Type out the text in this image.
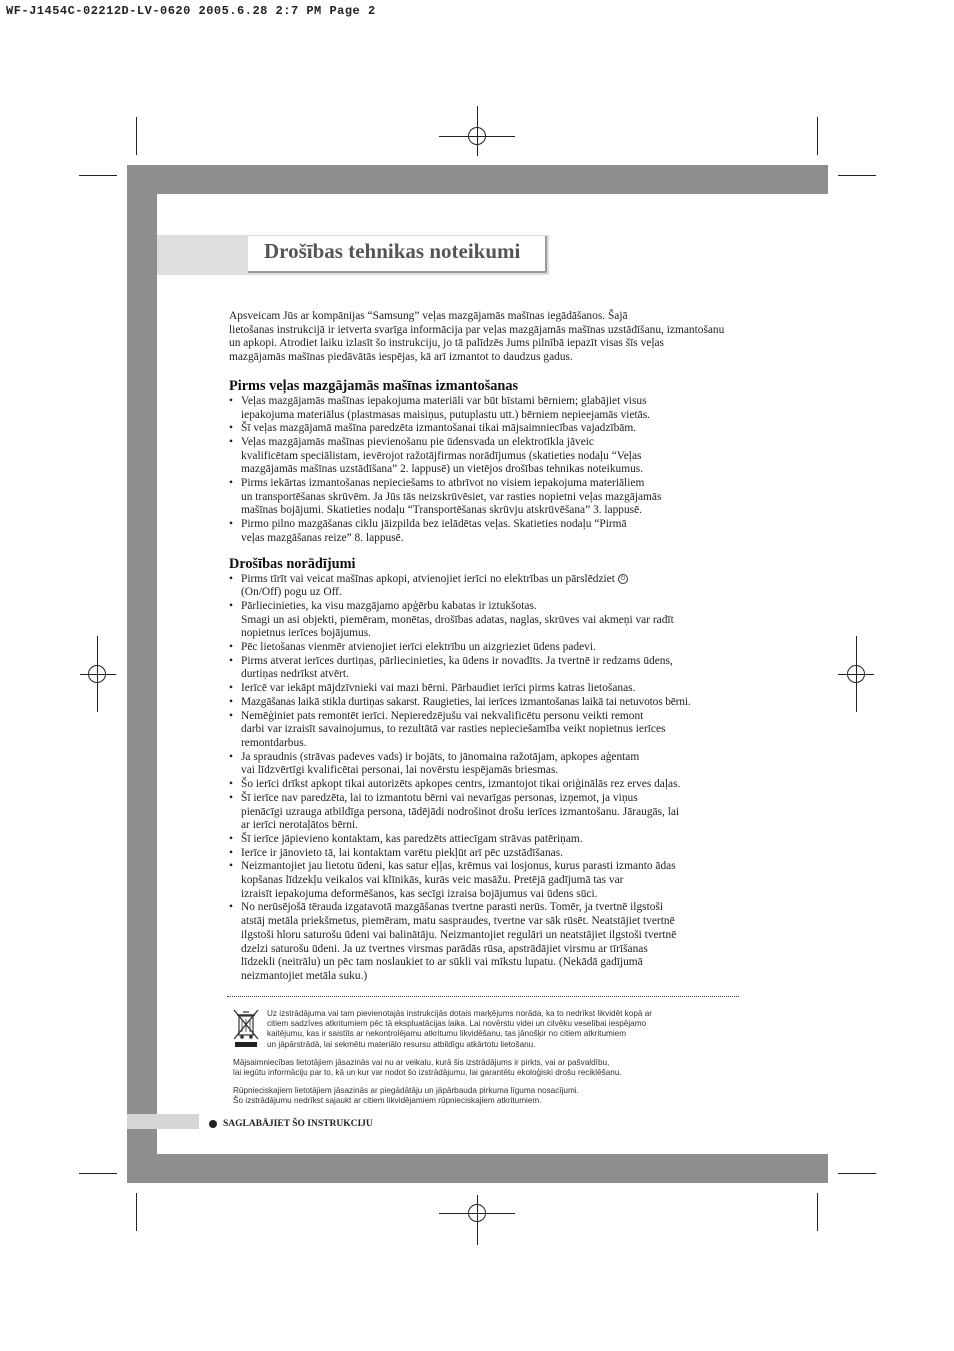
WF-J1454C-02212D-LV-0620 2005.6.28 2:7 PM Page 2
Drošības tehnikas noteikumi

Apsveicam Jūs ar kompānijas “Samsung” veļas mazgājamās mašīnas iegādāšanos. Šajā
lietošanas instrukcijā ir ietverta svarīga informācija par veļas mazgājamās mašīnas uzstādīšanu, izmantošanu
un apkopi. Atrodiet laiku izlasīt šo instrukciju, jo tā palīdzēs Jums pilnībā iepazīt visas šīs veļas
mazgājamās mašīnas piedāvātās iespējas, kā arī izmantot to daudzus gadus.

Pirms veļas mazgājamās mašīnas izmantošanas
• Veļas mazgājamās mašīnas iepakojuma materiāli var būt bīstami bērniem; glabājiet visus
iepakojuma materiālus (plastmasas maisiņus, putuplastu utt.) bērniem nepieejamās vietās.
• Šī veļas mazgājamā mašīna paredzēta izmantošanai tikai mājsaimniecības vajadzībām.
• Veļas mazgājamās mašīnas pievienošanu pie ūdensvada un elektrotīkla jāveic
kvalificētam speciālistam, ievērojot ražotājfirmas norādījumus (skatieties nodaļu “Veļas
mazgājamās mašīnas uzstādīšana” 2. lappusē) un vietējos drošības tehnikas noteikumus.
• Pirms iekārtas izmantošanas nepieciešams to atbrīvot no visiem iepakojuma materiāliem
un transportēšanas skrūvēm. Ja Jūs tās neizskrūvēsiet, var rasties nopietni veļas mazgājamās
mašīnas bojājumi. Skatieties nodaļu “Transportēšanas skrūvju atskrūvēšana” 3. lappusē.
• Pirmo pilno mazgāšanas ciklu jāizpilda bez ielādētas veļas. Skatieties nodaļu “Pirmā
veļas mazgāšanas reize” 8. lappusē.
Drošības norādījumi
• Pirms tīrīt vai veicat mašīnas apkopi, atvienojiet ierīci no elektrības un pārslēdziet ⏻
(On/Off) pogu uz Off.
• Pārliecinieties, ka visu mazgājamo apģērbu kabatas ir iztukšotas.
Smagi un asi objekti, piemēram, monētas, drošības adatas, naglas, skrūves vai akmeņi var radīt
nopietnus ierīces bojājumus.
• Pēc lietošanas vienmēr atvienojiet ierīci elektrību un aizgrieziet ūdens padevi.
• Pirms atverat ierīces durtiņas, pārliecinieties, ka ūdens ir novadīts. Ja tvertnē ir redzams ūdens,
durtiņas nedrīkst atvērt.
• Ierīcē var iekāpt mājdzīvnieki vai mazi bērni. Pārbaudiet ierīci pirms katras lietošanas.
• Mazgāšanas laikā stikla durtiņas sakarst. Raugieties, lai ierīces izmantošanas laikā tai netuvotos bērni.
• Nemēģiniet pats remontēt ierīci. Nepieredzējušu vai nekvalificētu personu veikti remont
darbi var izraisīt savainojumus, to rezultātā var rasties nepieciešamība veikt nopietnus ierīces
remontdarbus.
• Ja spraudnis (strāvas padeves vads) ir bojāts, to jānomaina ražotājam, apkopes aģentam
vai līdzvērtīgi kvalificētai personai, lai novērstu iespējamās briesmas.
• Šo ierīci drīkst apkopt tikai autorizēts apkopes centrs, izmantojot tikai oriģinālās rez erves daļas.
• Šī ierīce nav paredzēta, lai to izmantotu bērni vai nevarīgas personas, izņemot, ja viņus
pienācīgi uzrauga atbildīga persona, tādējādi nodrošinot drošu ierīces izmantošanu. Jāraugās, lai
ar ierīci nerotaļātos bērni.
• Šī ierīce jāpievieno kontaktam, kas paredzēts attiecīgam strāvas patēriņam.
• Ierīce ir jānovieto tā, lai kontaktam varētu piekļūt arī pēc uzstādīšanas.
• Neizmantojiet jau lietotu ūdeni, kas satur eļļas, krēmus vai losjonus, kurus parasti izmanto ādas
kopšanas līdzekļu veikalos vai klīnikās, kurās veic masāžu. Pretējā gadījumā tas var
izraisīt iepakojuma deformēšanos, kas secīgi izraisa bojājumus vai ūdens sūci.
• No nerūsējošā tērauda izgatavotā mazgāšanas tvertne parasti nerūs. Tomēr, ja tvertnē ilgstoši
atstāj metāla priekšmetus, piemēram, matu saspraudes, tvertne var sāk rūsēt. Neatstājiet tvertnē
ilgstoši hloru saturošu ūdeni vai balinātāju. Neizmantojiet regulāri un neatstājiet ilgstoši tvertnē
dzelzi saturošu ūdeni. Ja uz tvertnes virsmas parādās rūsa, apstrādājiet virsmu ar tīrīšanas
līdzekli (neitrālu) un pēc tam noslaukiet to ar sūkli vai mīkstu lupatu. (Nekādā gadījumā
neizmantojiet metāla suku.)
Uz izstrādājuma vai tam pievienotajās instrukcijās dotais marķējums norāda, ka to nedrīkst likvidēt kopā ar
citiem sadzīves atkritumiem pēc tā ekspluatācijas laika. Lai novērstu videi un cilvēku veselībai iespējamo
kaitējumu, kas ir saistīts ar nekontrolējamu atkritumu likvidēšanu, tas jānošķir no citiem atkritumiem
un jāpārstrādā, lai sekmētu materiālo resursu atbildīgu atkārtotu lietošanu.
Mājsaimniecības lietotājiem jāsazinās vai nu ar veikalu, kurā šis izstrādājums ir pirkts, vai ar pašvaldību,
lai iegūtu informāciju par to, kā un kur var nodot šo izstrādājumu, lai garantētu ekoloģiski drošu reciklēšanu.
Rūpnieciskajiem lietotājiem jāsazinās ar piegādātāju un jāpārbauda pirkuma līguma nosacījumi.
Šo izstrādājumu nedrīkst sajaukt ar citiem likvidējamiem rūpnieciskajiem atkritumiem.
SAGLABĀJIET ŠO INSTRUKCIJU
